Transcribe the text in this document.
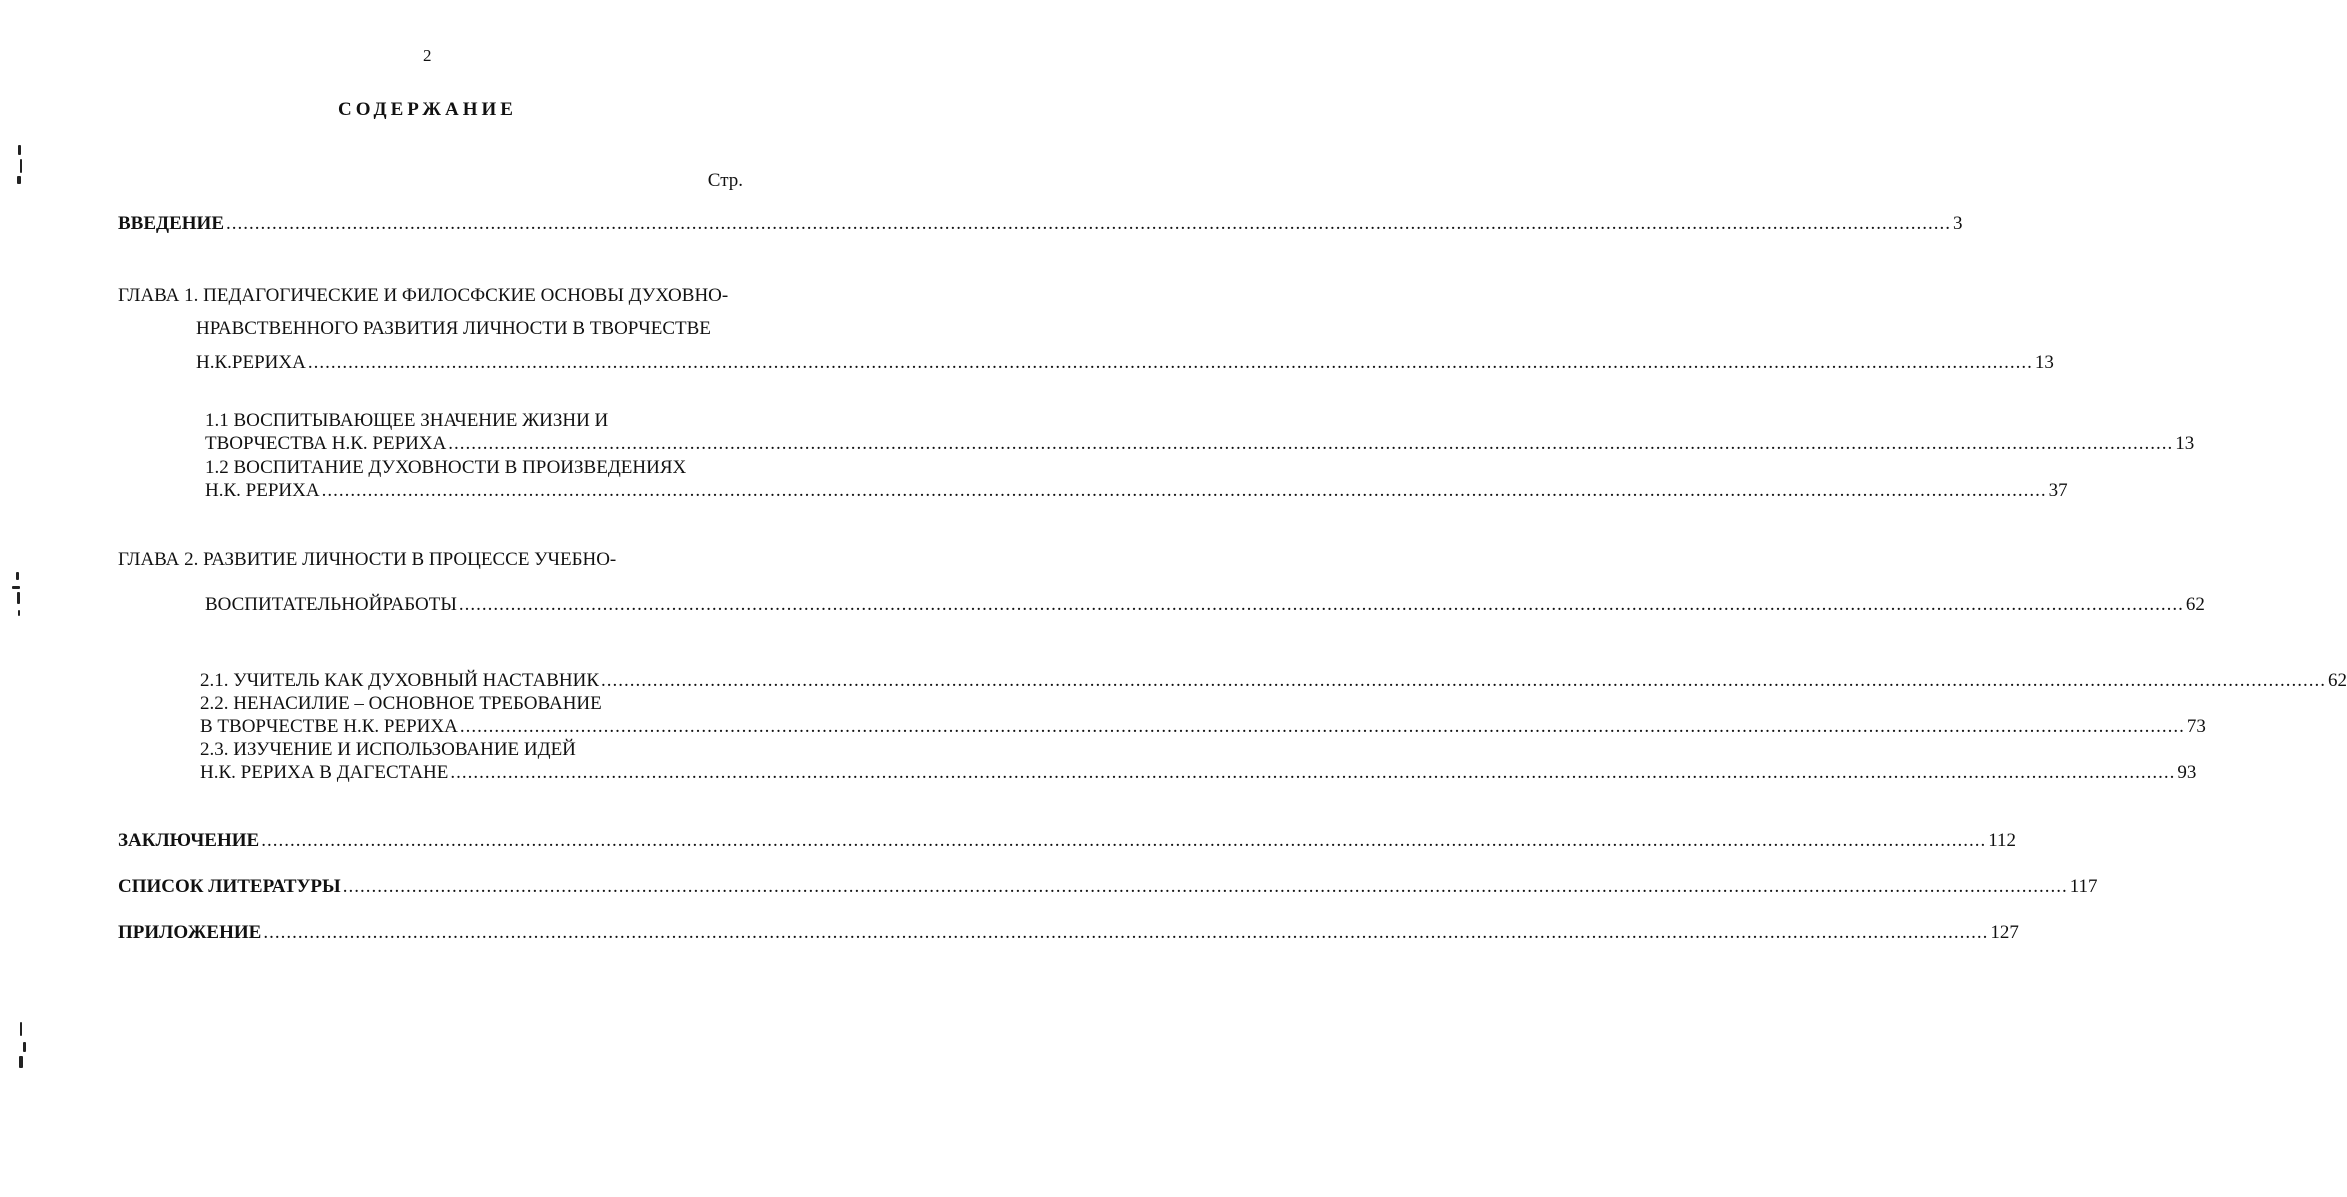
2
СОДЕРЖАНИЕ
Стр.
ВВЕДЕНИЕ ............................................................................................................................................................................................................................................................................................................ 3
ГЛАВА 1. ПЕДАГОГИЧЕСКИЕ И ФИЛОСФСКИЕ ОСНОВЫ ДУХОВНО-
НРАВСТВЕННОГО РАЗВИТИЯ ЛИЧНОСТИ В ТВОРЧЕСТВЕ
Н.К.РЕРИХА ............................................................................................................................................................................................................................................................................................................ 13
1.1 ВОСПИТЫВАЮЩЕЕ ЗНАЧЕНИЕ ЖИЗНИ И
ТВОРЧЕСТВА Н.К. РЕРИХА ............................................................................................................................................................................................................................................................................................................ 13
1.2 ВОСПИТАНИЕ ДУХОВНОСТИ В ПРОИЗВЕДЕНИЯХ
Н.К. РЕРИХА ............................................................................................................................................................................................................................................................................................................ 37
ГЛАВА 2. РАЗВИТИЕ ЛИЧНОСТИ В ПРОЦЕССЕ УЧЕБНО-
ВОСПИТАТЕЛЬНОЙРАБОТЫ ............................................................................................................................................................................................................................................................................................................ 62
2.1. УЧИТЕЛЬ КАК ДУХОВНЫЙ НАСТАВНИК ............................................................................................................................................................................................................................................................................................................ 62
2.2. НЕНАСИЛИЕ – ОСНОВНОЕ ТРЕБОВАНИЕ
В ТВОРЧЕСТВЕ Н.К. РЕРИХА ............................................................................................................................................................................................................................................................................................................ 73
2.3. ИЗУЧЕНИЕ И ИСПОЛЬЗОВАНИЕ ИДЕЙ
Н.К. РЕРИХА В ДАГЕСТАНЕ ............................................................................................................................................................................................................................................................................................................ 93
ЗАКЛЮЧЕНИЕ ............................................................................................................................................................................................................................................................................................................ 112
СПИСОК ЛИТЕРАТУРЫ ............................................................................................................................................................................................................................................................................................................ 117
ПРИЛОЖЕНИЕ ............................................................................................................................................................................................................................................................................................................ 127
